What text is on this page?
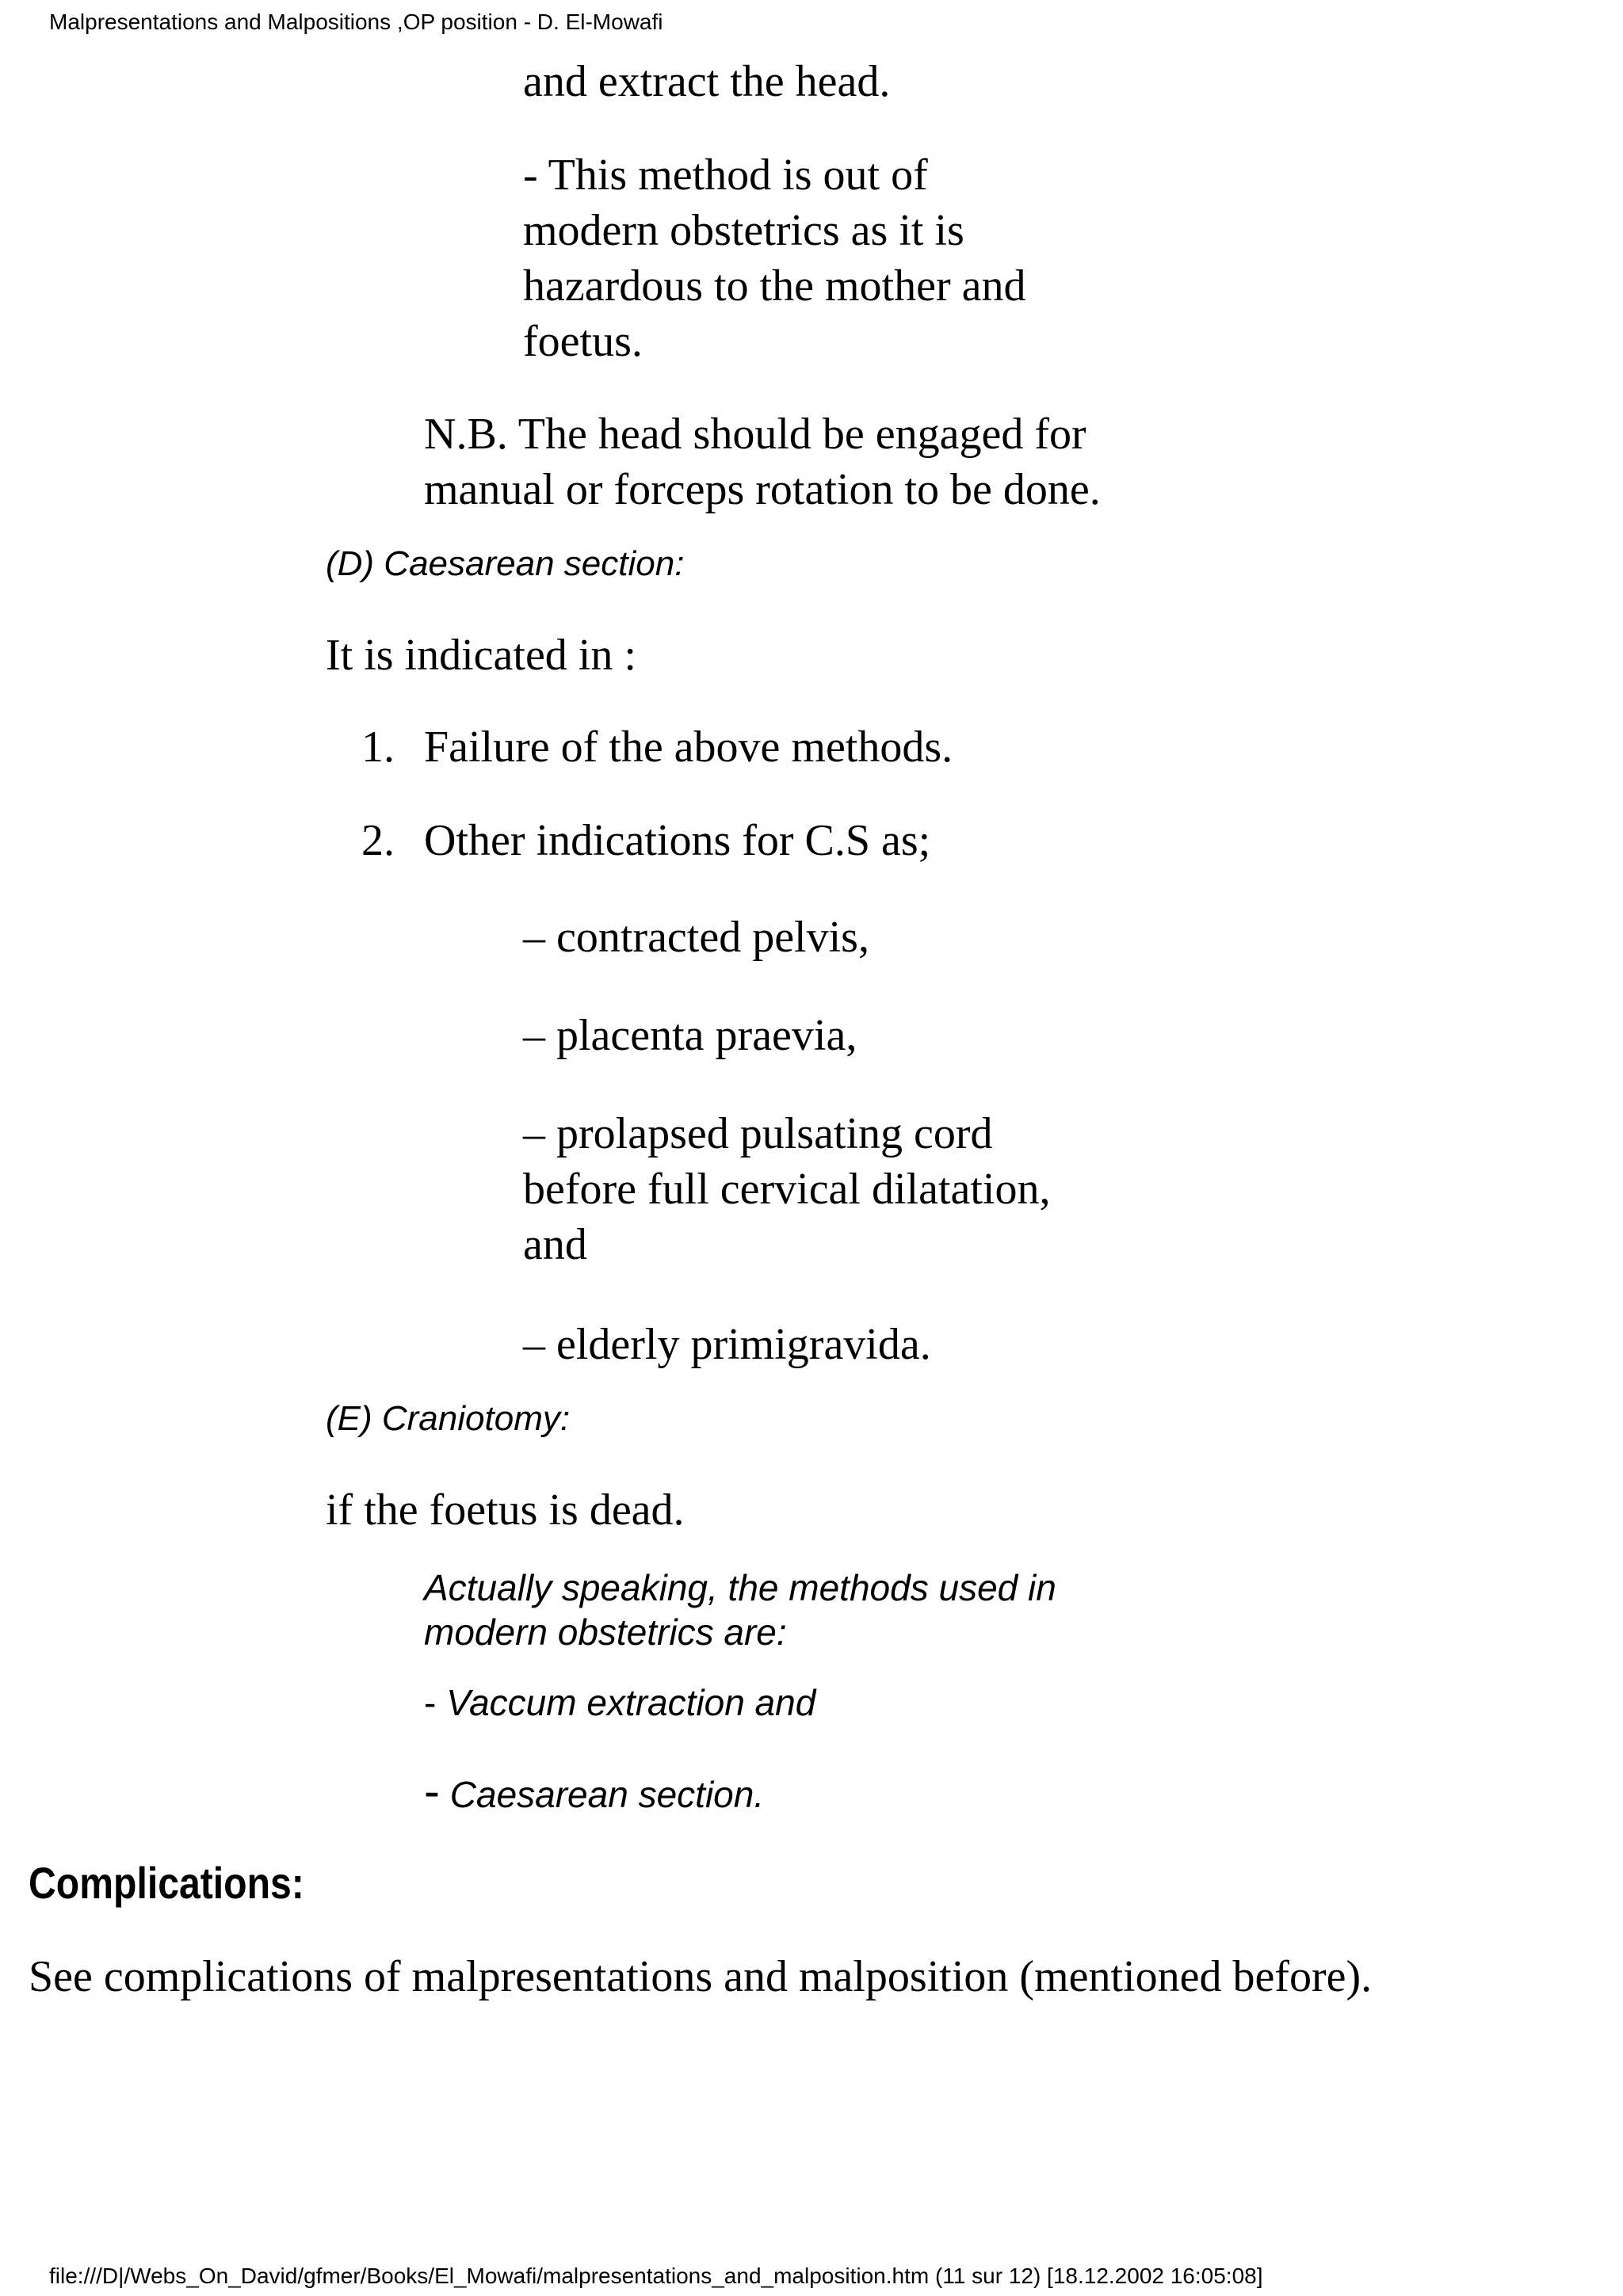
Malpresentations and Malpositions ,OP position - D. El-Mowafi
and extract the head.
- This method is out of
modern obstetrics as it is
hazardous to the mother and
foetus.
N.B. The head should be engaged for
manual or forceps rotation to be done.
(D) Caesarean section:
It is indicated in :
1. Failure of the above methods.
2. Other indications for C.S as;
– contracted pelvis,
– placenta praevia,
– prolapsed pulsating cord
before full cervical dilatation,
and
– elderly primigravida.
(E) Craniotomy:
if the foetus is dead.
Actually speaking, the methods used in
modern obstetrics are:
- Vaccum extraction and
- Caesarean section.
Complications:
See complications of malpresentations and malposition (mentioned before).
file:///D|/Webs_On_David/gfmer/Books/El_Mowafi/malpresentations_and_malposition.htm (11 sur 12) [18.12.2002 16:05:08]
